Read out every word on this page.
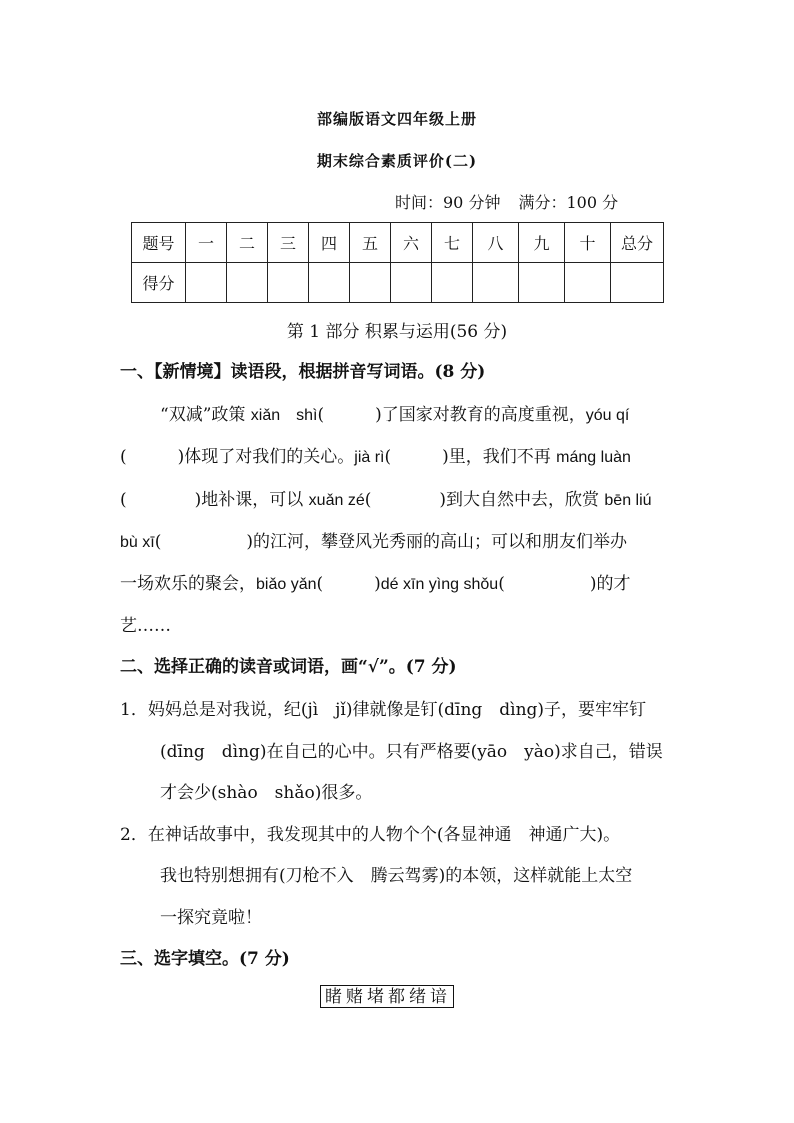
部编版语文四年级上册
期末综合素质评价(二)
时间：90 分钟 满分：100 分
题号	一	二	三	四	五	六	七	八	九	十	总分
得分											
第 1 部分 积累与运用(56 分)
一、【新情境】读语段，根据拼音写词语。(8 分)
“双减”政策 xiǎn　shì(　　　)了国家对教育的高度重视，yóu qí
(　　　)体现了对我们的关心。jià rì(　　　)里，我们不再 máng luàn
(　　　　)地补课，可以 xuǎn zé(　　　　)到大自然中去，欣赏 bēn liú
bù xī(　　　　　)的江河，攀登风光秀丽的高山；可以和朋友们举办
一场欢乐的聚会，biǎo yǎn(　　　)dé xīn yìng shǒu(　　　　　)的才
艺……
二、选择正确的读音或词语，画“√”。(7 分)
1．妈妈总是对我说，纪(jì　jǐ)律就像是钉(dīng　dìng)子，要牢牢钉
(dīng　dìng)在自己的心中。只有严格要(yāo　yào)求自己，错误
才会少(shào　shǎo)很多。
2．在神话故事中，我发现其中的人物个个(各显神通　神通广大)。
我也特别想拥有(刀枪不入　腾云驾雾)的本领，这样就能上太空
一探究竟啦！
三、选字填空。(7 分)
睹赌堵都绪谙
